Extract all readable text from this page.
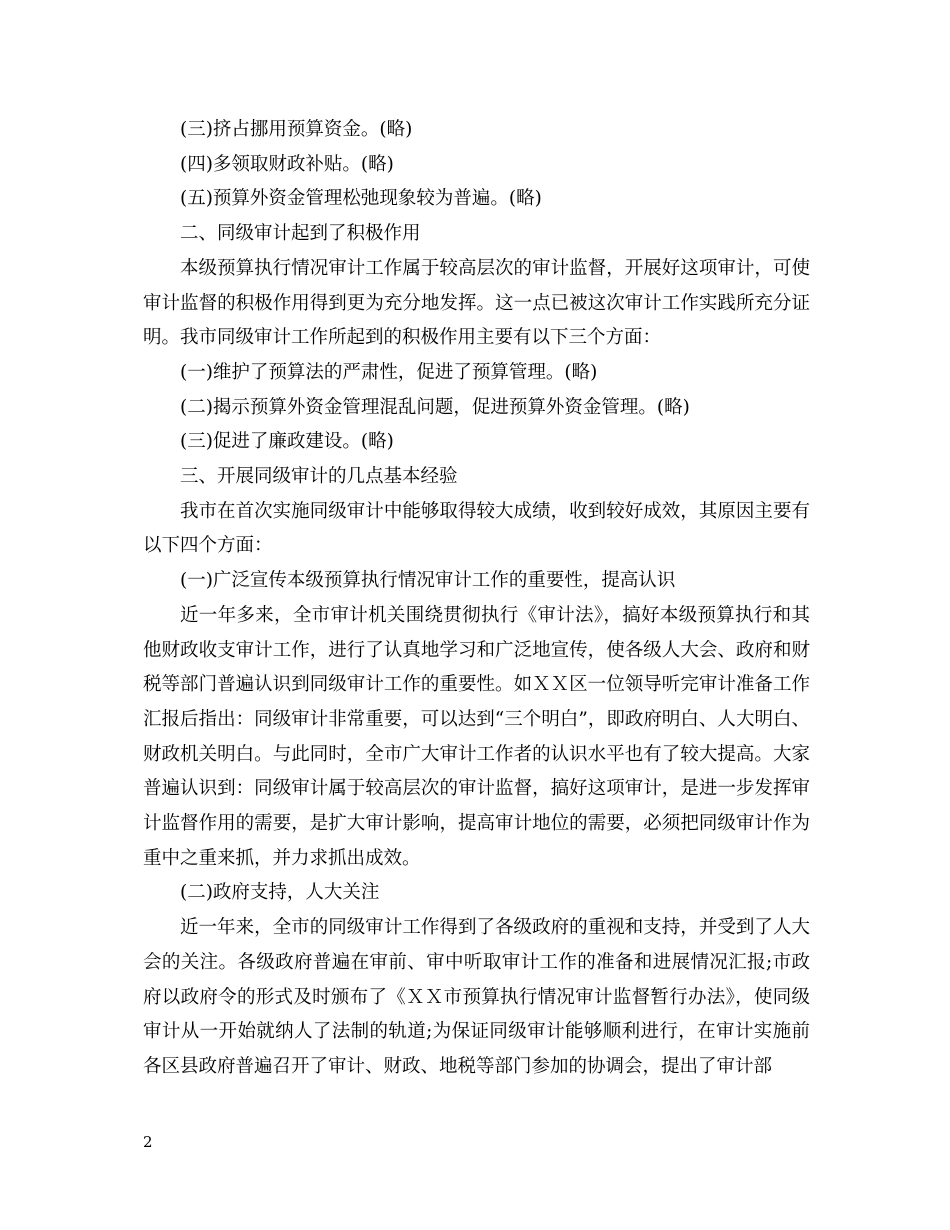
(三)挤占挪用预算资金。(略)

(四)多领取财政补贴。(略)

(五)预算外资金管理松弛现象较为普遍。(略)

二、同级审计起到了积极作用

本级预算执行情况审计工作属于较高层次的审计监督，开展好这项审计，可使审计监督的积极作用得到更为充分地发挥。这一点已被这次审计工作实践所充分证明。我市同级审计工作所起到的积极作用主要有以下三个方面：

(一)维护了预算法的严肃性，促进了预算管理。(略)

(二)揭示预算外资金管理混乱问题，促进预算外资金管理。(略)

(三)促进了廉政建设。(略)

三、开展同级审计的几点基本经验

我市在首次实施同级审计中能够取得较大成绩，收到较好成效，其原因主要有以下四个方面：

(一)广泛宣传本级预算执行情况审计工作的重要性，提高认识

近一年多来，全市审计机关围绕贯彻执行《审计法》，搞好本级预算执行和其他财政收支审计工作，进行了认真地学习和广泛地宣传，使各级人大会、政府和财税等部门普遍认识到同级审计工作的重要性。如ＸＸ区一位领导听完审计准备工作汇报后指出：同级审计非常重要，可以达到“三个明白”，即政府明白、人大明白、财政机关明白。与此同时，全市广大审计工作者的认识水平也有了较大提高。大家普遍认识到：同级审计属于较高层次的审计监督，搞好这项审计，是进一步发挥审计监督作用的需要，是扩大审计影响，提高审计地位的需要，必须把同级审计作为重中之重来抓，并力求抓出成效。

(二)政府支持，人大关注

近一年来，全市的同级审计工作得到了各级政府的重视和支持，并受到了人大会的关注。各级政府普遍在审前、审中听取审计工作的准备和进展情况汇报;市政府以政府令的形式及时颁布了《ＸＸ市预算执行情况审计监督暂行办法》，使同级审计从一开始就纳人了法制的轨道;为保证同级审计能够顺利进行，在审计实施前各区县政府普遍召开了审计、财政、地税等部门参加的协调会，提出了审计部

2
